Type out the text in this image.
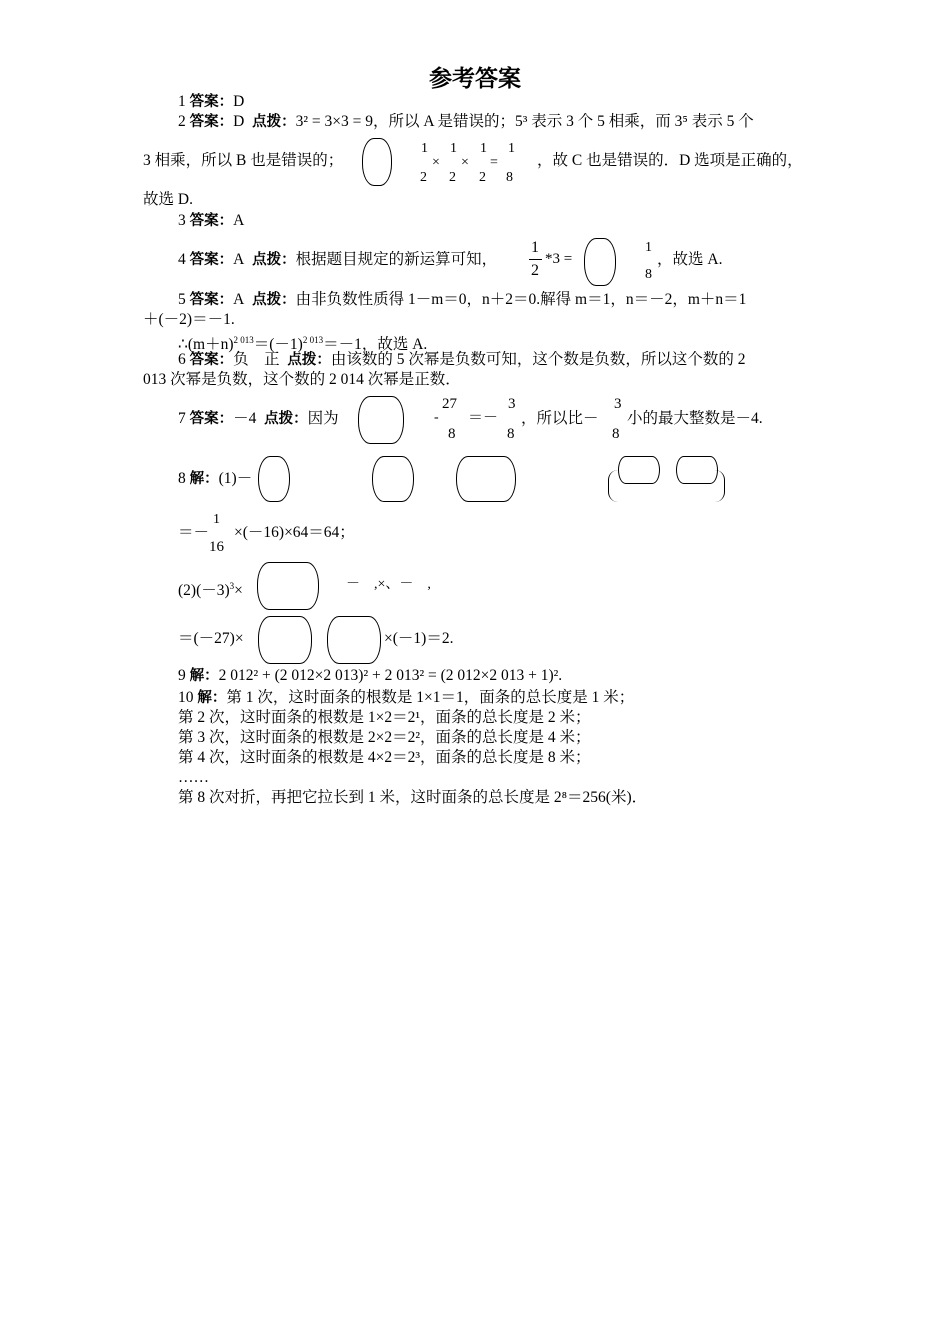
参考答案
1 答案：D
2 答案：D 点拨：3² = 3×3 = 9，所以 A 是错误的；5³ 表示 3 个 5 相乘，而 3⁵ 表示 5 个
3 相乘，所以 B 也是错误的；
1 1 1 1
2 2 2 8
× × =	，故 C 也是错误的．D 选项是正确的，
故选 D.
3 答案：A
4 答案：A 点拨：根据题目规定的新运算可知，
1
2
*3 =
1
8
，故选 A.
5 答案：A 点拨：由非负数性质得 1－m＝0，n＋2＝0.解得 m＝1，n＝－2，m＋n＝1
＋(－2)＝－1.
$\therefore(m+n)^{2 013}=(-1)^{2 013}=-1$，故选 A.
6 答案：负　正 点拨：由该数的 5 次幂是负数可知，这个数是负数，所以这个数的 2
013 次幂是负数，这个数的 2 014 次幂是正数．
7 答案：－4 点拨：因为	-
27
8
＝－
3
8
，所以比－
3
8
小的最大整数是－4.
8 解：(1)－
＝－
1
16
×(－16)×64＝64；
$(2)(-3)^3\times$	－　,×、－　,
＝(－27)×	×(－1)＝2.
9 解：2 012² + (2 012×2 013)² + 2 013² = (2 012×2 013 + 1)².
10 解：第 1 次，这时面条的根数是 1×1＝1，面条的总长度是 1 米；
第 2 次，这时面条的根数是 1×2＝2¹，面条的总长度是 2 米；
第 3 次，这时面条的根数是 2×2＝2²，面条的总长度是 4 米；
第 4 次，这时面条的根数是 4×2＝2³，面条的总长度是 8 米；
……
第 8 次对折，再把它拉长到 1 米，这时面条的总长度是 2⁸＝256(米)．
